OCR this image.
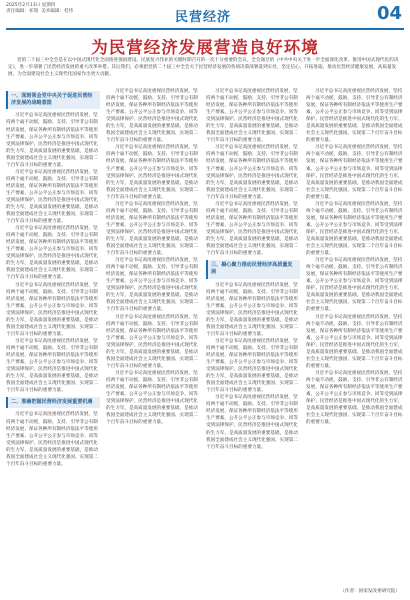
2025年2月13日 星期四
责任编辑：祁瑞 美术编辑：桂伟	民营经济	04
为民营经济发展营造良好环境
党的二十届三中全会是在以中国式现代化全面推进强国建设、民族复兴伟业的关键时期召开的一次十分重要的会议。全会通过的《中共中央关于进一步全面深化改革、推进中国式现代化的决定》，进一步部署了民营经济发展的重大改革举措。其后我们，必须把党的二十届三中全会关于民营经济发展的各项决策部署落到实处，坚定信心、开拓进取，推动民营经济健康发展、高质量发展，为全面建设社会主义现代化国家作出更大贡献。
一、深刻领会党中央关于促进民营经济发展的战略意图

习近平总书记高度重视民营经济发展，坚持两个毫不动摇，鼓励、支持、引导非公有制经济发展，保证各种所有制经济依法平等使用生产要素、公开公平公正参与市场竞争、同等受到法律保护。民营经济是推进中国式现代化的生力军，是高质量发展的重要基础，是推动我国全面建成社会主义现代化强国、实现第二个百年奋斗目标的重要力量。

习近平总书记高度重视民营经济发展，坚持两个毫不动摇，鼓励、支持、引导非公有制经济发展，保证各种所有制经济依法平等使用生产要素、公开公平公正参与市场竞争、同等受到法律保护。民营经济是推进中国式现代化的生力军，是高质量发展的重要基础，是推动我国全面建成社会主义现代化强国、实现第二个百年奋斗目标的重要力量。

习近平总书记高度重视民营经济发展，坚持两个毫不动摇，鼓励、支持、引导非公有制经济发展，保证各种所有制经济依法平等使用生产要素、公开公平公正参与市场竞争、同等受到法律保护。民营经济是推进中国式现代化的生力军，是高质量发展的重要基础，是推动我国全面建成社会主义现代化强国、实现第二个百年奋斗目标的重要力量。

习近平总书记高度重视民营经济发展，坚持两个毫不动摇，鼓励、支持、引导非公有制经济发展，保证各种所有制经济依法平等使用生产要素、公开公平公正参与市场竞争、同等受到法律保护。民营经济是推进中国式现代化的生力军，是高质量发展的重要基础，是推动我国全面建成社会主义现代化强国、实现第二个百年奋斗目标的重要力量。

习近平总书记高度重视民营经济发展，坚持两个毫不动摇，鼓励、支持、引导非公有制经济发展，保证各种所有制经济依法平等使用生产要素、公开公平公正参与市场竞争、同等受到法律保护。民营经济是推进中国式现代化的生力军，是高质量发展的重要基础，是推动我国全面建成社会主义现代化强国、实现第二个百年奋斗目标的重要力量。

二、准确把握民营经济发展重要机遇

习近平总书记高度重视民营经济发展，坚持两个毫不动摇，鼓励、支持、引导非公有制经济发展，保证各种所有制经济依法平等使用生产要素、公开公平公正参与市场竞争、同等受到法律保护。民营经济是推进中国式现代化的生力军，是高质量发展的重要基础，是推动我国全面建成社会主义现代化强国、实现第二个百年奋斗目标的重要力量。

习近平总书记高度重视民营经济发展，坚持两个毫不动摇，鼓励、支持、引导非公有制经济发展，保证各种所有制经济依法平等使用生产要素、公开公平公正参与市场竞争、同等受到法律保护。民营经济是推进中国式现代化的生力军，是高质量发展的重要基础，是推动我国全面建成社会主义现代化强国、实现第二个百年奋斗目标的重要力量。

习近平总书记高度重视民营经济发展，坚持两个毫不动摇，鼓励、支持、引导非公有制经济发展，保证各种所有制经济依法平等使用生产要素、公开公平公正参与市场竞争、同等受到法律保护。民营经济是推进中国式现代化的生力军，是高质量发展的重要基础，是推动我国全面建成社会主义现代化强国、实现第二个百年奋斗目标的重要力量。

习近平总书记高度重视民营经济发展，坚持两个毫不动摇，鼓励、支持、引导非公有制经济发展，保证各种所有制经济依法平等使用生产要素、公开公平公正参与市场竞争、同等受到法律保护。民营经济是推进中国式现代化的生力军，是高质量发展的重要基础，是推动我国全面建成社会主义现代化强国、实现第二个百年奋斗目标的重要力量。

习近平总书记高度重视民营经济发展，坚持两个毫不动摇，鼓励、支持、引导非公有制经济发展，保证各种所有制经济依法平等使用生产要素、公开公平公正参与市场竞争、同等受到法律保护。民营经济是推进中国式现代化的生力军，是高质量发展的重要基础，是推动我国全面建成社会主义现代化强国、实现第二个百年奋斗目标的重要力量。

习近平总书记高度重视民营经济发展，坚持两个毫不动摇，鼓励、支持、引导非公有制经济发展，保证各种所有制经济依法平等使用生产要素、公开公平公正参与市场竞争、同等受到法律保护。民营经济是推进中国式现代化的生力军，是高质量发展的重要基础，是推动我国全面建成社会主义现代化强国、实现第二个百年奋斗目标的重要力量。

习近平总书记高度重视民营经济发展，坚持两个毫不动摇，鼓励、支持、引导非公有制经济发展，保证各种所有制经济依法平等使用生产要素、公开公平公正参与市场竞争、同等受到法律保护。民营经济是推进中国式现代化的生力军，是高质量发展的重要基础，是推动我国全面建成社会主义现代化强国、实现第二个百年奋斗目标的重要力量。

习近平总书记高度重视民营经济发展，坚持两个毫不动摇，鼓励、支持、引导非公有制经济发展，保证各种所有制经济依法平等使用生产要素、公开公平公正参与市场竞争、同等受到法律保护。民营经济是推进中国式现代化的生力军，是高质量发展的重要基础，是推动我国全面建成社会主义现代化强国、实现第二个百年奋斗目标的重要力量。

习近平总书记高度重视民营经济发展，坚持两个毫不动摇，鼓励、支持、引导非公有制经济发展，保证各种所有制经济依法平等使用生产要素、公开公平公正参与市场竞争、同等受到法律保护。民营经济是推进中国式现代化的生力军，是高质量发展的重要基础，是推动我国全面建成社会主义现代化强国、实现第二个百年奋斗目标的重要力量。

习近平总书记高度重视民营经济发展，坚持两个毫不动摇，鼓励、支持、引导非公有制经济发展，保证各种所有制经济依法平等使用生产要素、公开公平公正参与市场竞争、同等受到法律保护。民营经济是推进中国式现代化的生力军，是高质量发展的重要基础，是推动我国全面建成社会主义现代化强国、实现第二个百年奋斗目标的重要力量。

三、凝心聚力推动民营经济高质量发展

习近平总书记高度重视民营经济发展，坚持两个毫不动摇，鼓励、支持、引导非公有制经济发展，保证各种所有制经济依法平等使用生产要素、公开公平公正参与市场竞争、同等受到法律保护。民营经济是推进中国式现代化的生力军，是高质量发展的重要基础，是推动我国全面建成社会主义现代化强国、实现第二个百年奋斗目标的重要力量。

习近平总书记高度重视民营经济发展，坚持两个毫不动摇，鼓励、支持、引导非公有制经济发展，保证各种所有制经济依法平等使用生产要素、公开公平公正参与市场竞争、同等受到法律保护。民营经济是推进中国式现代化的生力军，是高质量发展的重要基础，是推动我国全面建成社会主义现代化强国、实现第二个百年奋斗目标的重要力量。

习近平总书记高度重视民营经济发展，坚持两个毫不动摇，鼓励、支持、引导非公有制经济发展，保证各种所有制经济依法平等使用生产要素、公开公平公正参与市场竞争、同等受到法律保护。民营经济是推进中国式现代化的生力军，是高质量发展的重要基础，是推动我国全面建成社会主义现代化强国、实现第二个百年奋斗目标的重要力量。

习近平总书记高度重视民营经济发展，坚持两个毫不动摇，鼓励、支持、引导非公有制经济发展，保证各种所有制经济依法平等使用生产要素、公开公平公正参与市场竞争、同等受到法律保护。民营经济是推进中国式现代化的生力军，是高质量发展的重要基础，是推动我国全面建成社会主义现代化强国、实现第二个百年奋斗目标的重要力量。

习近平总书记高度重视民营经济发展，坚持两个毫不动摇，鼓励、支持、引导非公有制经济发展，保证各种所有制经济依法平等使用生产要素、公开公平公正参与市场竞争、同等受到法律保护。民营经济是推进中国式现代化的生力军，是高质量发展的重要基础，是推动我国全面建成社会主义现代化强国、实现第二个百年奋斗目标的重要力量。

习近平总书记高度重视民营经济发展，坚持两个毫不动摇，鼓励、支持、引导非公有制经济发展，保证各种所有制经济依法平等使用生产要素、公开公平公正参与市场竞争、同等受到法律保护。民营经济是推进中国式现代化的生力军，是高质量发展的重要基础，是推动我国全面建成社会主义现代化强国、实现第二个百年奋斗目标的重要力量。

习近平总书记高度重视民营经济发展，坚持两个毫不动摇，鼓励、支持、引导非公有制经济发展，保证各种所有制经济依法平等使用生产要素、公开公平公正参与市场竞争、同等受到法律保护。民营经济是推进中国式现代化的生力军，是高质量发展的重要基础，是推动我国全面建成社会主义现代化强国、实现第二个百年奋斗目标的重要力量。

习近平总书记高度重视民营经济发展，坚持两个毫不动摇，鼓励、支持、引导非公有制经济发展，保证各种所有制经济依法平等使用生产要素、公开公平公正参与市场竞争、同等受到法律保护。民营经济是推进中国式现代化的生力军，是高质量发展的重要基础，是推动我国全面建成社会主义现代化强国、实现第二个百年奋斗目标的重要力量。

习近平总书记高度重视民营经济发展，坚持两个毫不动摇，鼓励、支持、引导非公有制经济发展，保证各种所有制经济依法平等使用生产要素、公开公平公正参与市场竞争、同等受到法律保护。民营经济是推进中国式现代化的生力军，是高质量发展的重要基础，是推动我国全面建成社会主义现代化强国、实现第二个百年奋斗目标的重要力量。

（作者：国家发改委研究院）
